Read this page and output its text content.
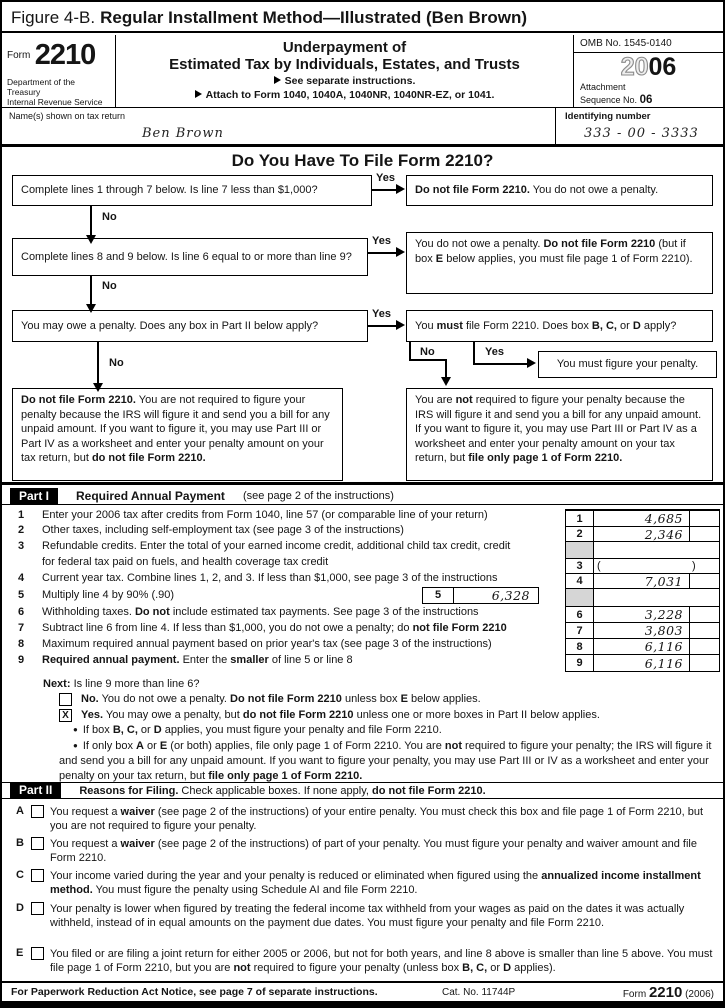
Figure 4-B. Regular Installment Method—Illustrated (Ben Brown)
$^{Form}$ 2210
Department of the Treasury
Internal Revenue Service
Underpayment of
Estimated Tax by Individuals, Estates, and Trusts
See separate instructions.
Attach to Form 1040, 1040A, 1040NR, 1040NR-EZ, or 1041.
OMB No. 1545-0140
2006
Attachment
Sequence No. 06
Name(s) shown on tax return
Ben Brown
Identifying number
333 - 00 - 3333
Do You Have To File Form 2210?
Complete lines 1 through 7 below. Is line 7 less than $1,000?
Yes
Do not file Form 2210. You do not owe a penalty.
No
Complete lines 8 and 9 below. Is line 6 equal to or more than line 9?
Yes You do not owe a penalty. Do not file Form 2210 (but if box E below applies, you must file page 1 of Form 2210).
No
You may owe a penalty. Does any box in Part II below apply?
Yes
You must file Form 2210. Does box B, C, or D apply?
No	Yes
You must figure your penalty.
No
Do not file Form 2210. You are not required to figure your penalty because the IRS will figure it and send you a bill for any unpaid amount. If you want to figure it, you may use Part III or Part IV as a worksheet and enter your penalty amount on your tax return, but do not file Form 2210.
You are not required to figure your penalty because the IRS will figure it and send you a bill for any unpaid amount. If you want to figure it, you may use Part III or Part IV as a worksheet and enter your penalty amount on your tax return, but file only page 1 of Form 2210.
Part I	Required Annual Payment (see page 2 of the instructions)
1	Enter your 2006 tax after credits from Form 1040, line 57 (or comparable line of your return)
2	Other taxes, including self-employment tax (see page 3 of the instructions)
3	Refundable credits. Enter the total of your earned income credit, additional child tax credit, credit
for federal tax paid on fuels, and health coverage tax credit
4	Current year tax. Combine lines 1, 2, and 3. If less than $1,000, see page 3 of the instructions
5	Multiply line 4 by 90% (.90)	5	6,328
6	Withholding taxes. Do not include estimated tax payments. See page 3 of the instructions
7	Subtract line 6 from line 4. If less than $1,000, you do not owe a penalty; do not file Form 2210
8	Maximum required annual payment based on prior year's tax (see page 3 of the instructions)
9	Required annual payment. Enter the smaller of line 5 or line 8
1	4,685
2	2,346
3	(	)
4	7,031
6	3,228
7	3,803
8	6,116
9	6,116
Next: Is line 9 more than line 6?
No. You do not owe a penalty. Do not file Form 2210 unless box E below applies.
X Yes. You may owe a penalty, but do not file Form 2210 unless one or more boxes in Part II below applies.
● If box B, C, or D applies, you must figure your penalty and file Form 2210.
● If only box A or E (or both) applies, file only page 1 of Form 2210. You are not required to figure your penalty; the IRS will figure it and send you a bill for any unpaid amount. If you want to figure your penalty, you may use Part III or IV as a worksheet and enter your penalty on your tax return, but file only page 1 of Form 2210.
Part II	Reasons for Filing. Check applicable boxes. If none apply, do not file Form 2210.
A You request a waiver (see page 2 of the instructions) of your entire penalty. You must check this box and file page 1 of Form 2210, but you are not required to figure your penalty.
B You request a waiver (see page 2 of the instructions) of part of your penalty. You must figure your penalty and waiver amount and file Form 2210.
C Your income varied during the year and your penalty is reduced or eliminated when figured using the annualized income installment method. You must figure the penalty using Schedule AI and file Form 2210.
D Your penalty is lower when figured by treating the federal income tax withheld from your wages as paid on the dates it was actually withheld, instead of in equal amounts on the payment due dates. You must figure your penalty and file Form 2210.
E You filed or are filing a joint return for either 2005 or 2006, but not for both years, and line 8 above is smaller than line 5 above. You must file page 1 of Form 2210, but you are not required to figure your penalty (unless box B, C, or D applies).
For Paperwork Reduction Act Notice, see page 7 of separate instructions.	Cat. No. 11744P	Form 2210 (2006)
